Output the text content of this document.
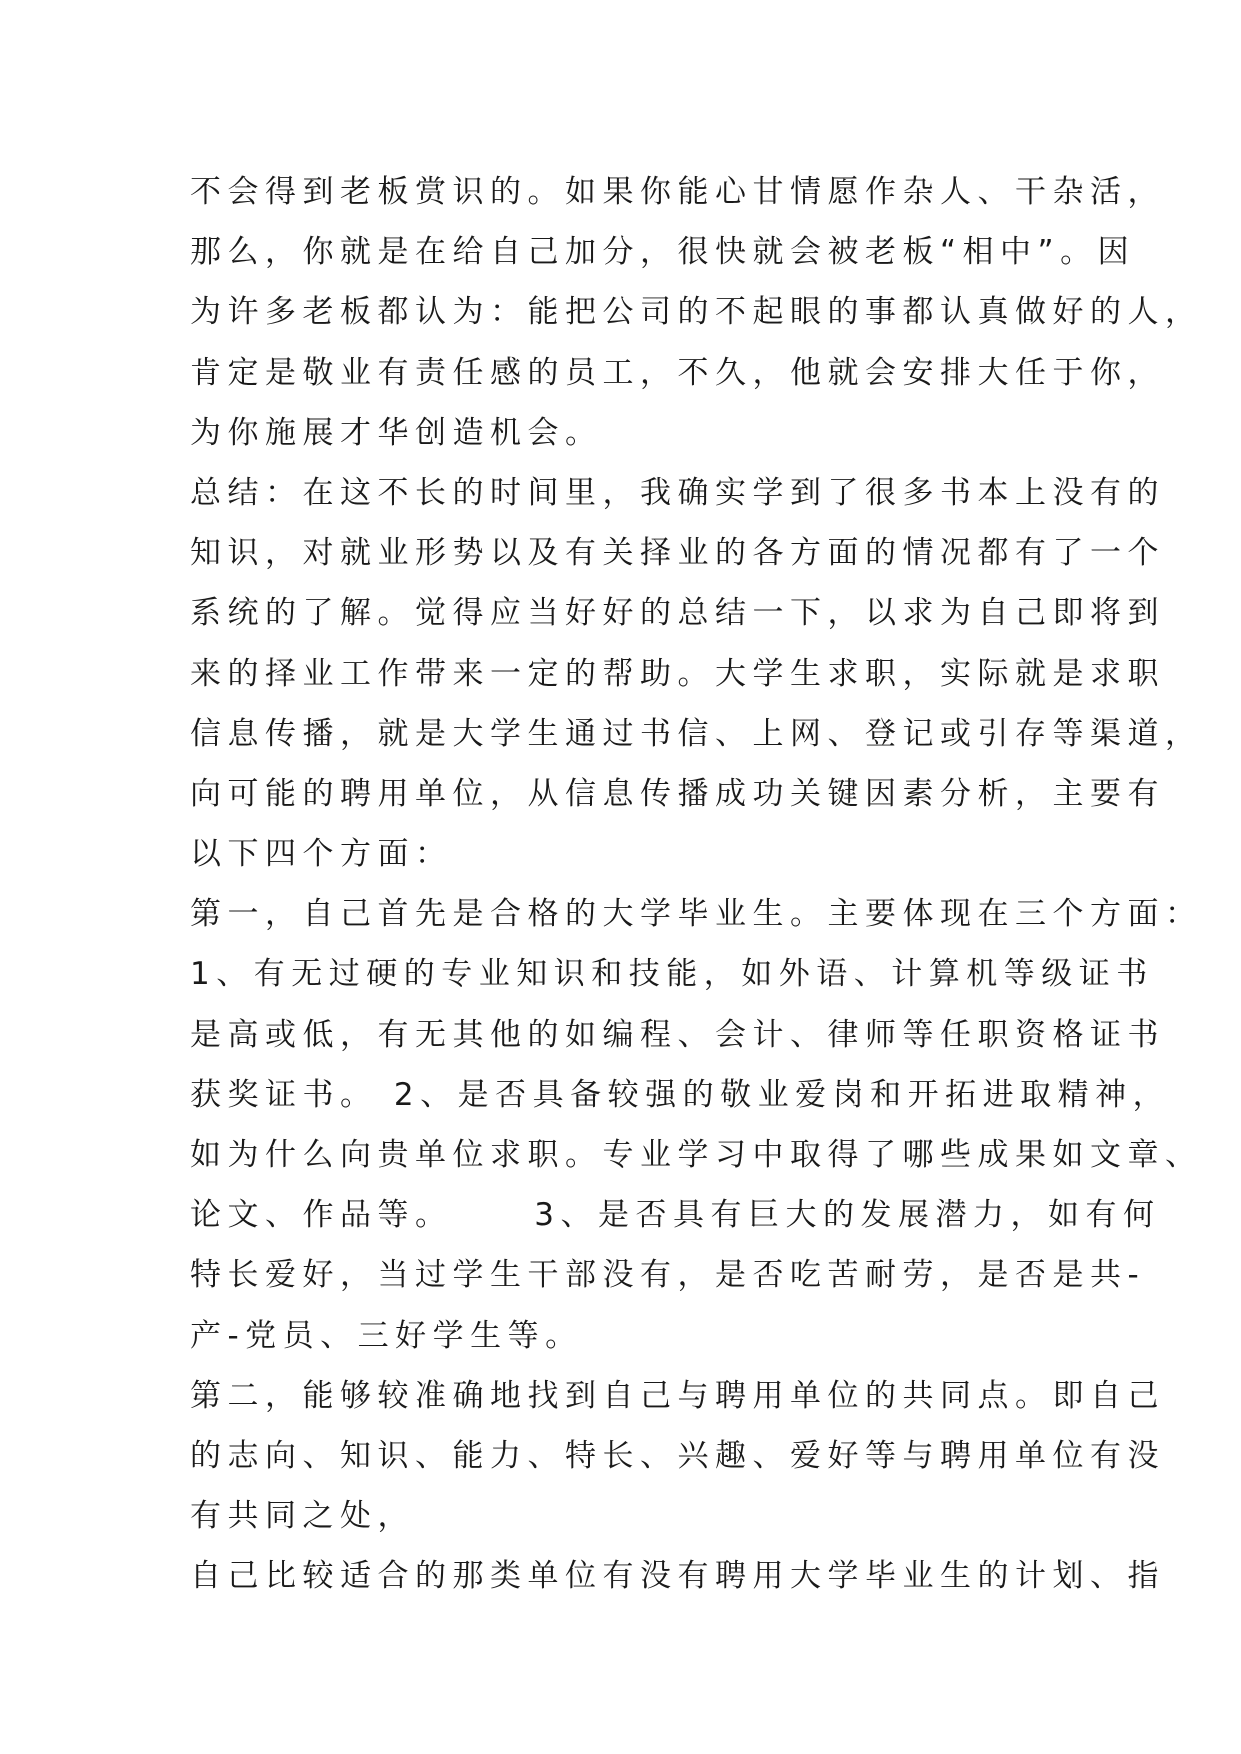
不会得到老板赏识的。如果你能心甘情愿作杂人、干杂活，
那么，你就是在给自己加分，很快就会被老板“相中”。因
为许多老板都认为：能把公司的不起眼的事都认真做好的人，
肯定是敬业有责任感的员工，不久，他就会安排大任于你，
为你施展才华创造机会。
总结：在这不长的时间里，我确实学到了很多书本上没有的
知识，对就业形势以及有关择业的各方面的情况都有了一个
系统的了解。觉得应当好好的总结一下，以求为自己即将到
来的择业工作带来一定的帮助。大学生求职，实际就是求职
信息传播，就是大学生通过书信、上网、登记或引存等渠道，
向可能的聘用单位，从信息传播成功关键因素分析，主要有
以下四个方面：
第一，自己首先是合格的大学毕业生。主要体现在三个方面：
1、有无过硬的专业知识和技能，如外语、计算机等级证书
是高或低，有无其他的如编程、会计、律师等任职资格证书
获奖证书。 2、是否具备较强的敬业爱岗和开拓进取精神，
如为什么向贵单位求职。专业学习中取得了哪些成果如文章、
论文、作品等。     3、是否具有巨大的发展潜力，如有何
特长爱好，当过学生干部没有，是否吃苦耐劳，是否是共-
产-党员、三好学生等。
第二，能够较准确地找到自己与聘用单位的共同点。即自己
的志向、知识、能力、特长、兴趣、爱好等与聘用单位有没
有共同之处，
自己比较适合的那类单位有没有聘用大学毕业生的计划、指
